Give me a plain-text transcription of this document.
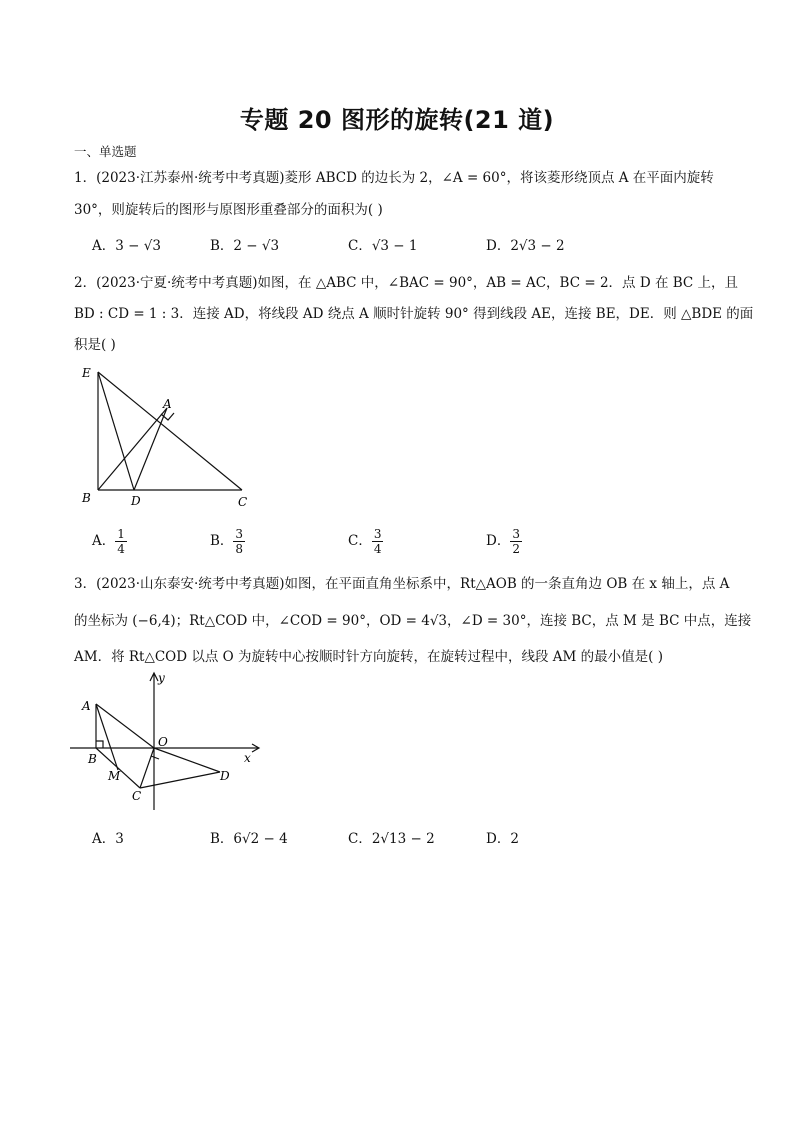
专题 20 图形的旋转(21 道)
一、单选题
1．(2023·江苏泰州·统考中考真题)菱形 ABCD 的边长为 2，∠A = 60°，将该菱形绕顶点 A 在平面内旋转
30°，则旋转后的图形与原图形重叠部分的面积为( )
A．3 − √3	B．2 − √3	C．√3 − 1	D．2√3 − 2
2．(2023·宁夏·统考中考真题)如图，在 △ABC 中，∠BAC = 90°，AB = AC，BC = 2．点 D 在 BC 上，且
BD : CD = 1 : 3．连接 AD，将线段 AD 绕点 A 顺时针旋转 90° 得到线段 AE，连接 BE，DE．则 △BDE 的面
积是( )
E
A
B	D	C
A． $\frac{1}{4}$	B． $\frac{3}{8}$	C． $\frac{3}{4}$	D． $\frac{3}{2}$
3．(2023·山东泰安·统考中考真题)如图，在平面直角坐标系中，Rt△AOB 的一条直角边 OB 在 x 轴上，点 A
的坐标为 (−6,4)；Rt△COD 中，∠COD = 90°，OD = 4√3，∠D = 30°，连接 BC，点 M 是 BC 中点，连接
AM．将 Rt△COD 以点 O 为旋转中心按顺时针方向旋转，在旋转过程中，线段 AM 的最小值是( )
y
x
A
O
B
M	D
C
A．3	B．6√2 − 4	C．2√13 − 2	D．2
